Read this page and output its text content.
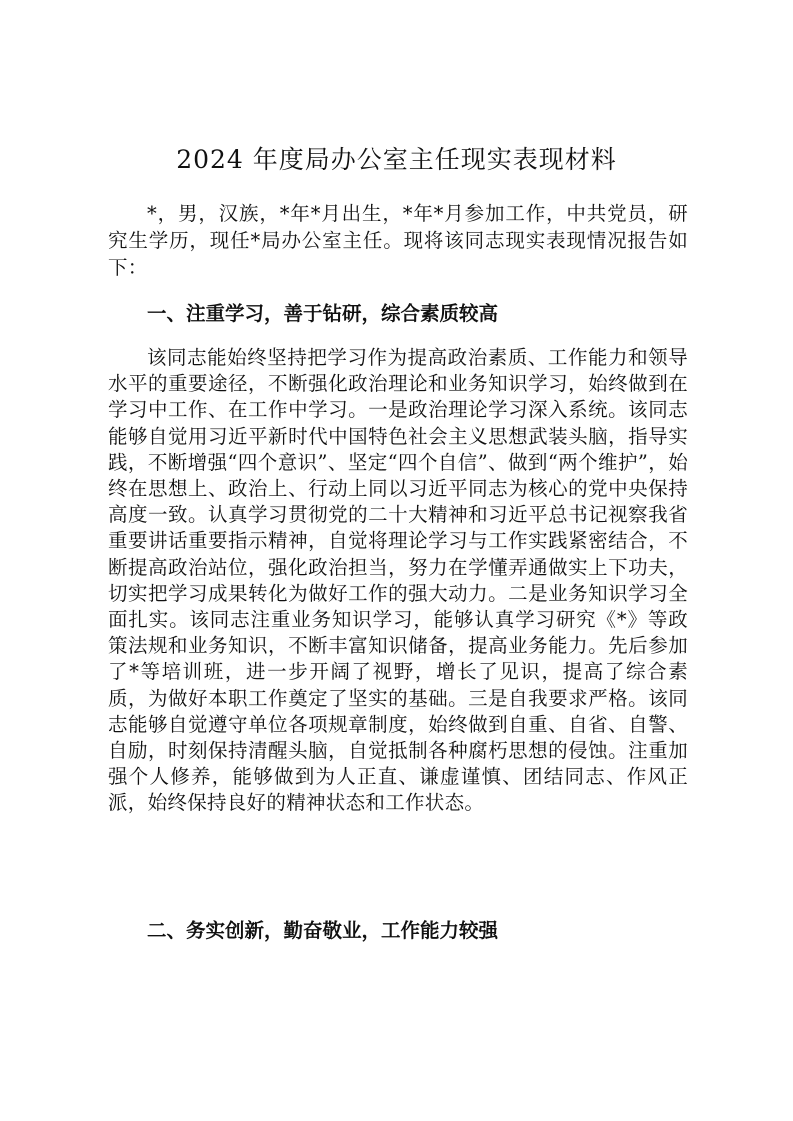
2024 年度局办公室主任现实表现材料

*，男，汉族，*年*月出生，*年*月参加工作，中共党员，研究生学历，现任*局办公室主任。现将该同志现实表现情况报告如下：

一、注重学习，善于钻研，综合素质较高

该同志能始终坚持把学习作为提高政治素质、工作能力和领导水平的重要途径，不断强化政治理论和业务知识学习，始终做到在学习中工作、在工作中学习。一是政治理论学习深入系统。该同志能够自觉用习近平新时代中国特色社会主义思想武装头脑，指导实践，不断增强“四个意识”、坚定“四个自信”、做到“两个维护”，始终在思想上、政治上、行动上同以习近平同志为核心的党中央保持高度一致。认真学习贯彻党的二十大精神和习近平总书记视察我省重要讲话重要指示精神，自觉将理论学习与工作实践紧密结合，不断提高政治站位，强化政治担当，努力在学懂弄通做实上下功夫，切实把学习成果转化为做好工作的强大动力。二是业务知识学习全面扎实。该同志注重业务知识学习，能够认真学习研究《*》等政策法规和业务知识，不断丰富知识储备，提高业务能力。先后参加了*等培训班，进一步开阔了视野，增长了见识，提高了综合素质，为做好本职工作奠定了坚实的基础。三是自我要求严格。该同志能够自觉遵守单位各项规章制度，始终做到自重、自省、自警、自励，时刻保持清醒头脑，自觉抵制各种腐朽思想的侵蚀。注重加强个人修养，能够做到为人正直、谦虚谨慎、团结同志、作风正派，始终保持良好的精神状态和工作状态。

二、务实创新，勤奋敬业，工作能力较强
